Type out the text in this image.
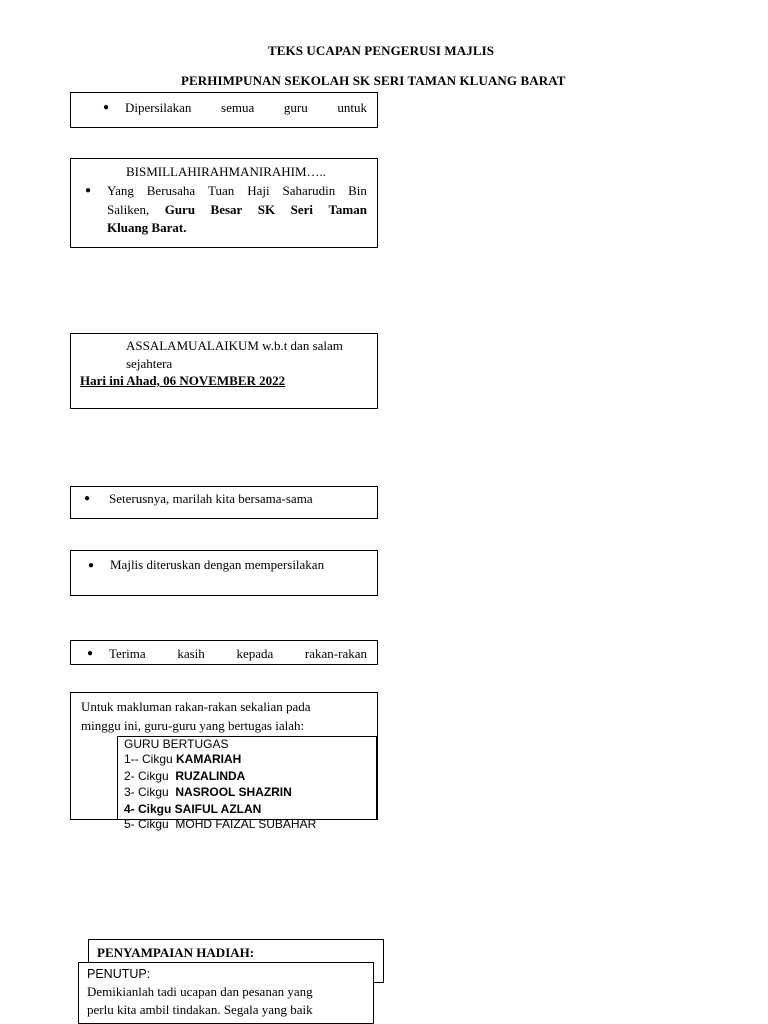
TEKS UCAPAN PENGERUSI MAJLIS
PERHIMPUNAN SEKOLAH SK SERI TAMAN KLUANG BARAT
● Dipersilakan semua guru untuk
BISMILLAHIRAHMANIRAHIM…..
● Yang Berusaha Tuan Haji Saharudin Bin
Saliken, Guru Besar SK Seri Taman
Kluang Barat.
ASSALAMUALAIKUM w.b.t dan salam
sejahtera
Hari ini Ahad, 06 NOVEMBER 2022
● Seterusnya, marilah kita bersama-sama
● Majlis diteruskan dengan mempersilakan
● Terima kasih kepada rakan-rakan
Untuk makluman rakan-rakan sekalian pada
minggu ini, guru-guru yang bertugas ialah:
GURU BERTUGAS
1-- Cikgu KAMARIAH
2- Cikgu  RUZALINDA
3- Cikgu  NASROOL SHAZRIN
4- Cikgu SAIFUL AZLAN
5- Cikgu  MOHD FAIZAL SUBAHAR
PENYAMPAIAN HADIAH:
PENUTUP:
Demikianlah tadi ucapan dan pesanan yang
perlu kita ambil tindakan. Segala yang baik
